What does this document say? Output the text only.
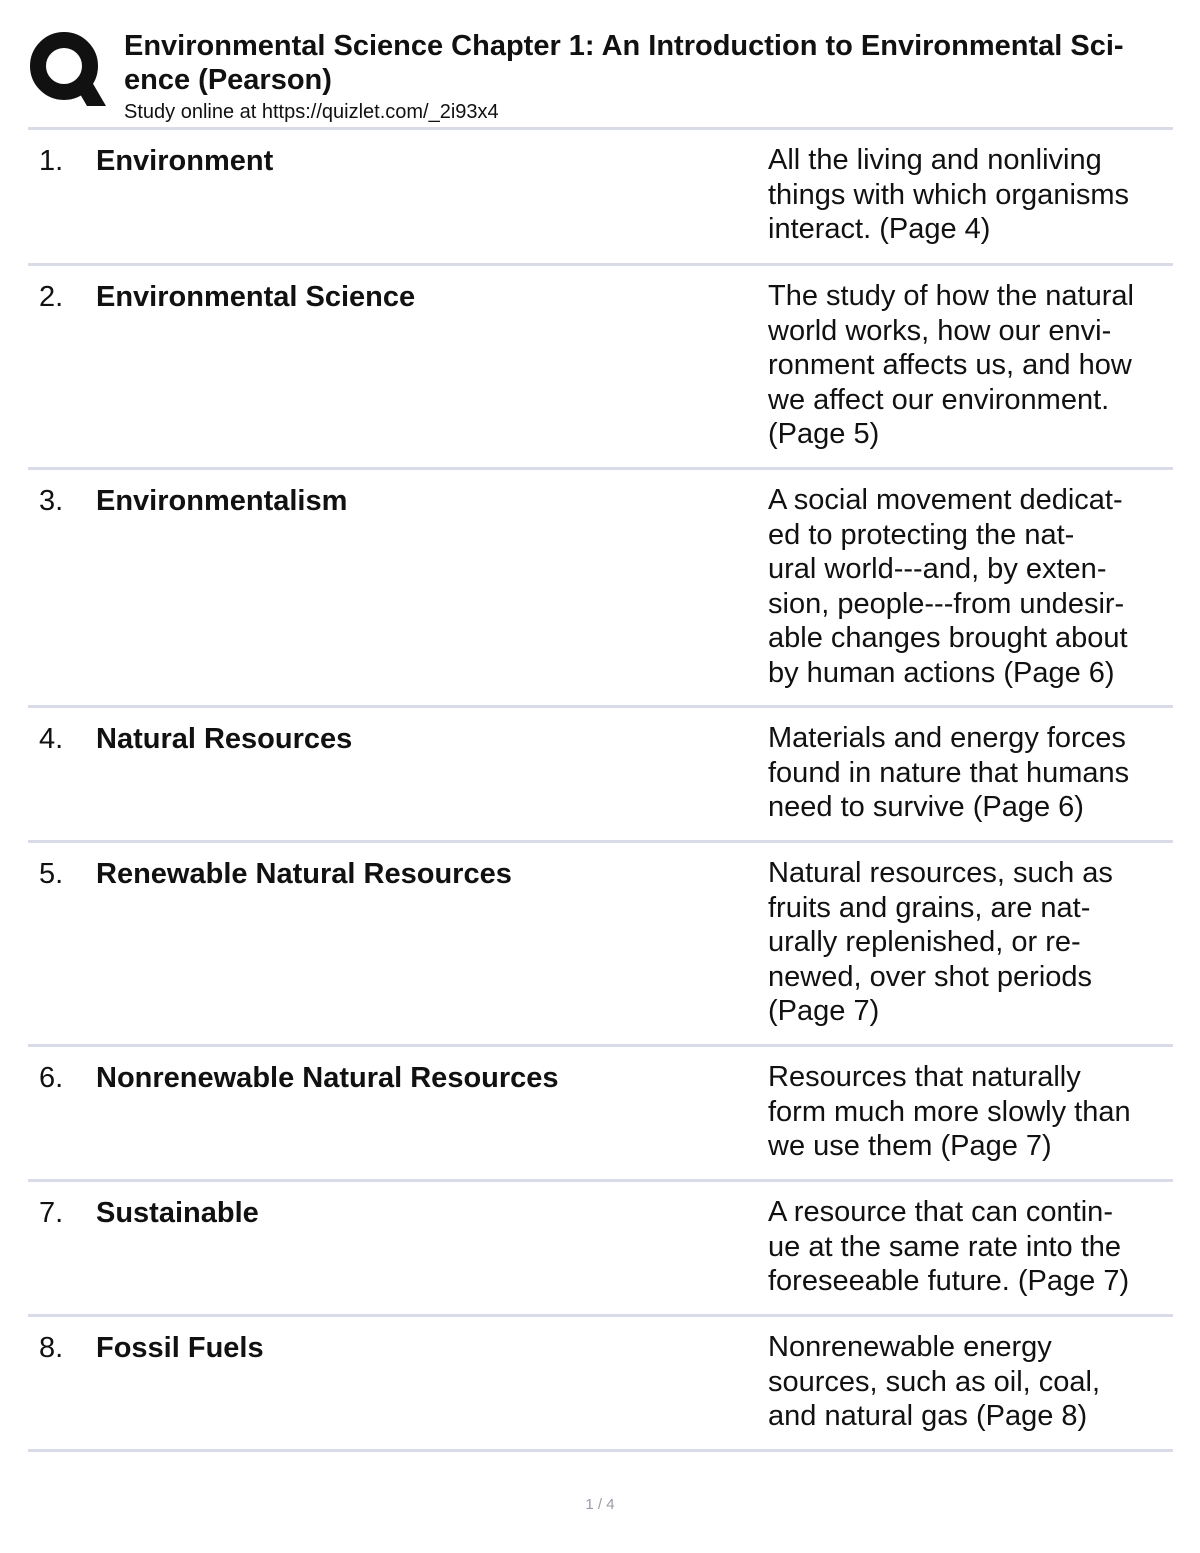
Environmental Science Chapter 1: An Introduction to Environmental Sci-
ence (Pearson)

Study online at https://quizlet.com/_2i93x4

1. Environment	All the living and nonliving
things with which organisms
interact. (Page 4)
2. Environmental Science	The study of how the natural
world works, how our envi-
ronment affects us, and how
we affect our environment.
(Page 5)
3. Environmentalism	A social movement dedicat-
ed to protecting the nat-
ural world---and, by exten-
sion, people---from undesir-
able changes brought about
by human actions (Page 6)
4. Natural Resources	Materials and energy forces
found in nature that humans
need to survive (Page 6)
5. Renewable Natural Resources	Natural resources, such as
fruits and grains, are nat-
urally replenished, or re-
newed, over shot periods
(Page 7)
6. Nonrenewable Natural Resources	Resources that naturally
form much more slowly than
we use them (Page 7)
7. Sustainable	A resource that can contin-
ue at the same rate into the
foreseeable future. (Page 7)
8. Fossil Fuels	Nonrenewable energy
sources, such as oil, coal,
and natural gas (Page 8)
1 / 4
